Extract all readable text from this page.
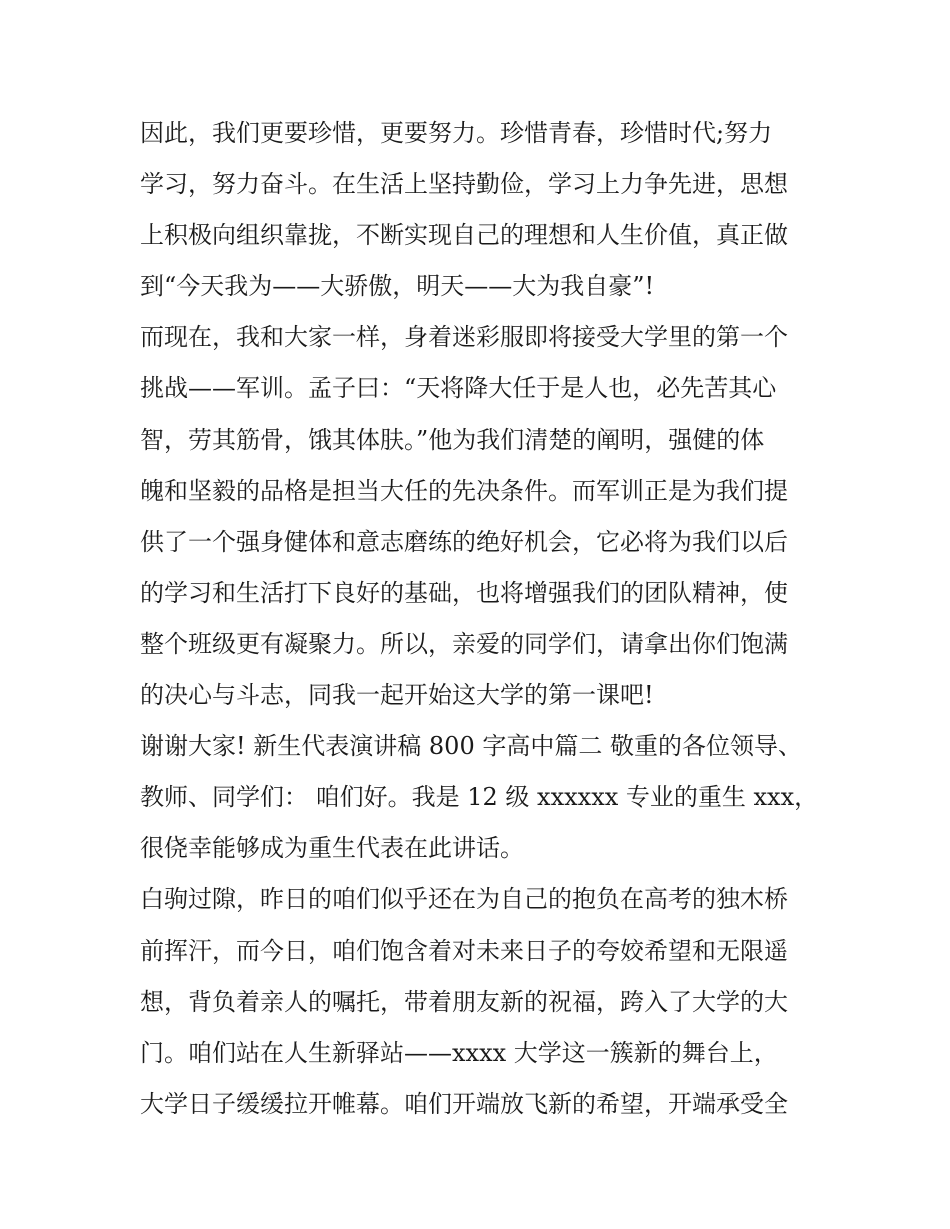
因此，我们更要珍惜，更要努力。珍惜青春，珍惜时代;努力
学习，努力奋斗。在生活上坚持勤俭，学习上力争先进，思想
上积极向组织靠拢，不断实现自己的理想和人生价值，真正做
到“今天我为——大骄傲，明天——大为我自豪”!
而现在，我和大家一样，身着迷彩服即将接受大学里的第一个
挑战——军训。孟子曰：“天将降大任于是人也，必先苦其心
智，劳其筋骨，饿其体肤。”他为我们清楚的阐明，强健的体
魄和坚毅的品格是担当大任的先决条件。而军训正是为我们提
供了一个强身健体和意志磨练的绝好机会，它必将为我们以后
的学习和生活打下良好的基础，也将增强我们的团队精神，使
整个班级更有凝聚力。所以，亲爱的同学们，请拿出你们饱满
的决心与斗志，同我一起开始这大学的第一课吧!
谢谢大家! 新生代表演讲稿 800 字高中篇二 敬重的各位领导、
教师、同学们： 咱们好。我是 12 级 xxxxxx 专业的重生 xxx，
很侥幸能够成为重生代表在此讲话。
白驹过隙，昨日的咱们似乎还在为自己的抱负在高考的独木桥
前挥汗，而今日，咱们饱含着对未来日子的夸姣希望和无限遥
想，背负着亲人的嘱托，带着朋友新的祝福，跨入了大学的大
门。咱们站在人生新驿站——xxxx 大学这一簇新的舞台上，
大学日子缓缓拉开帷幕。咱们开端放飞新的希望，开端承受全
